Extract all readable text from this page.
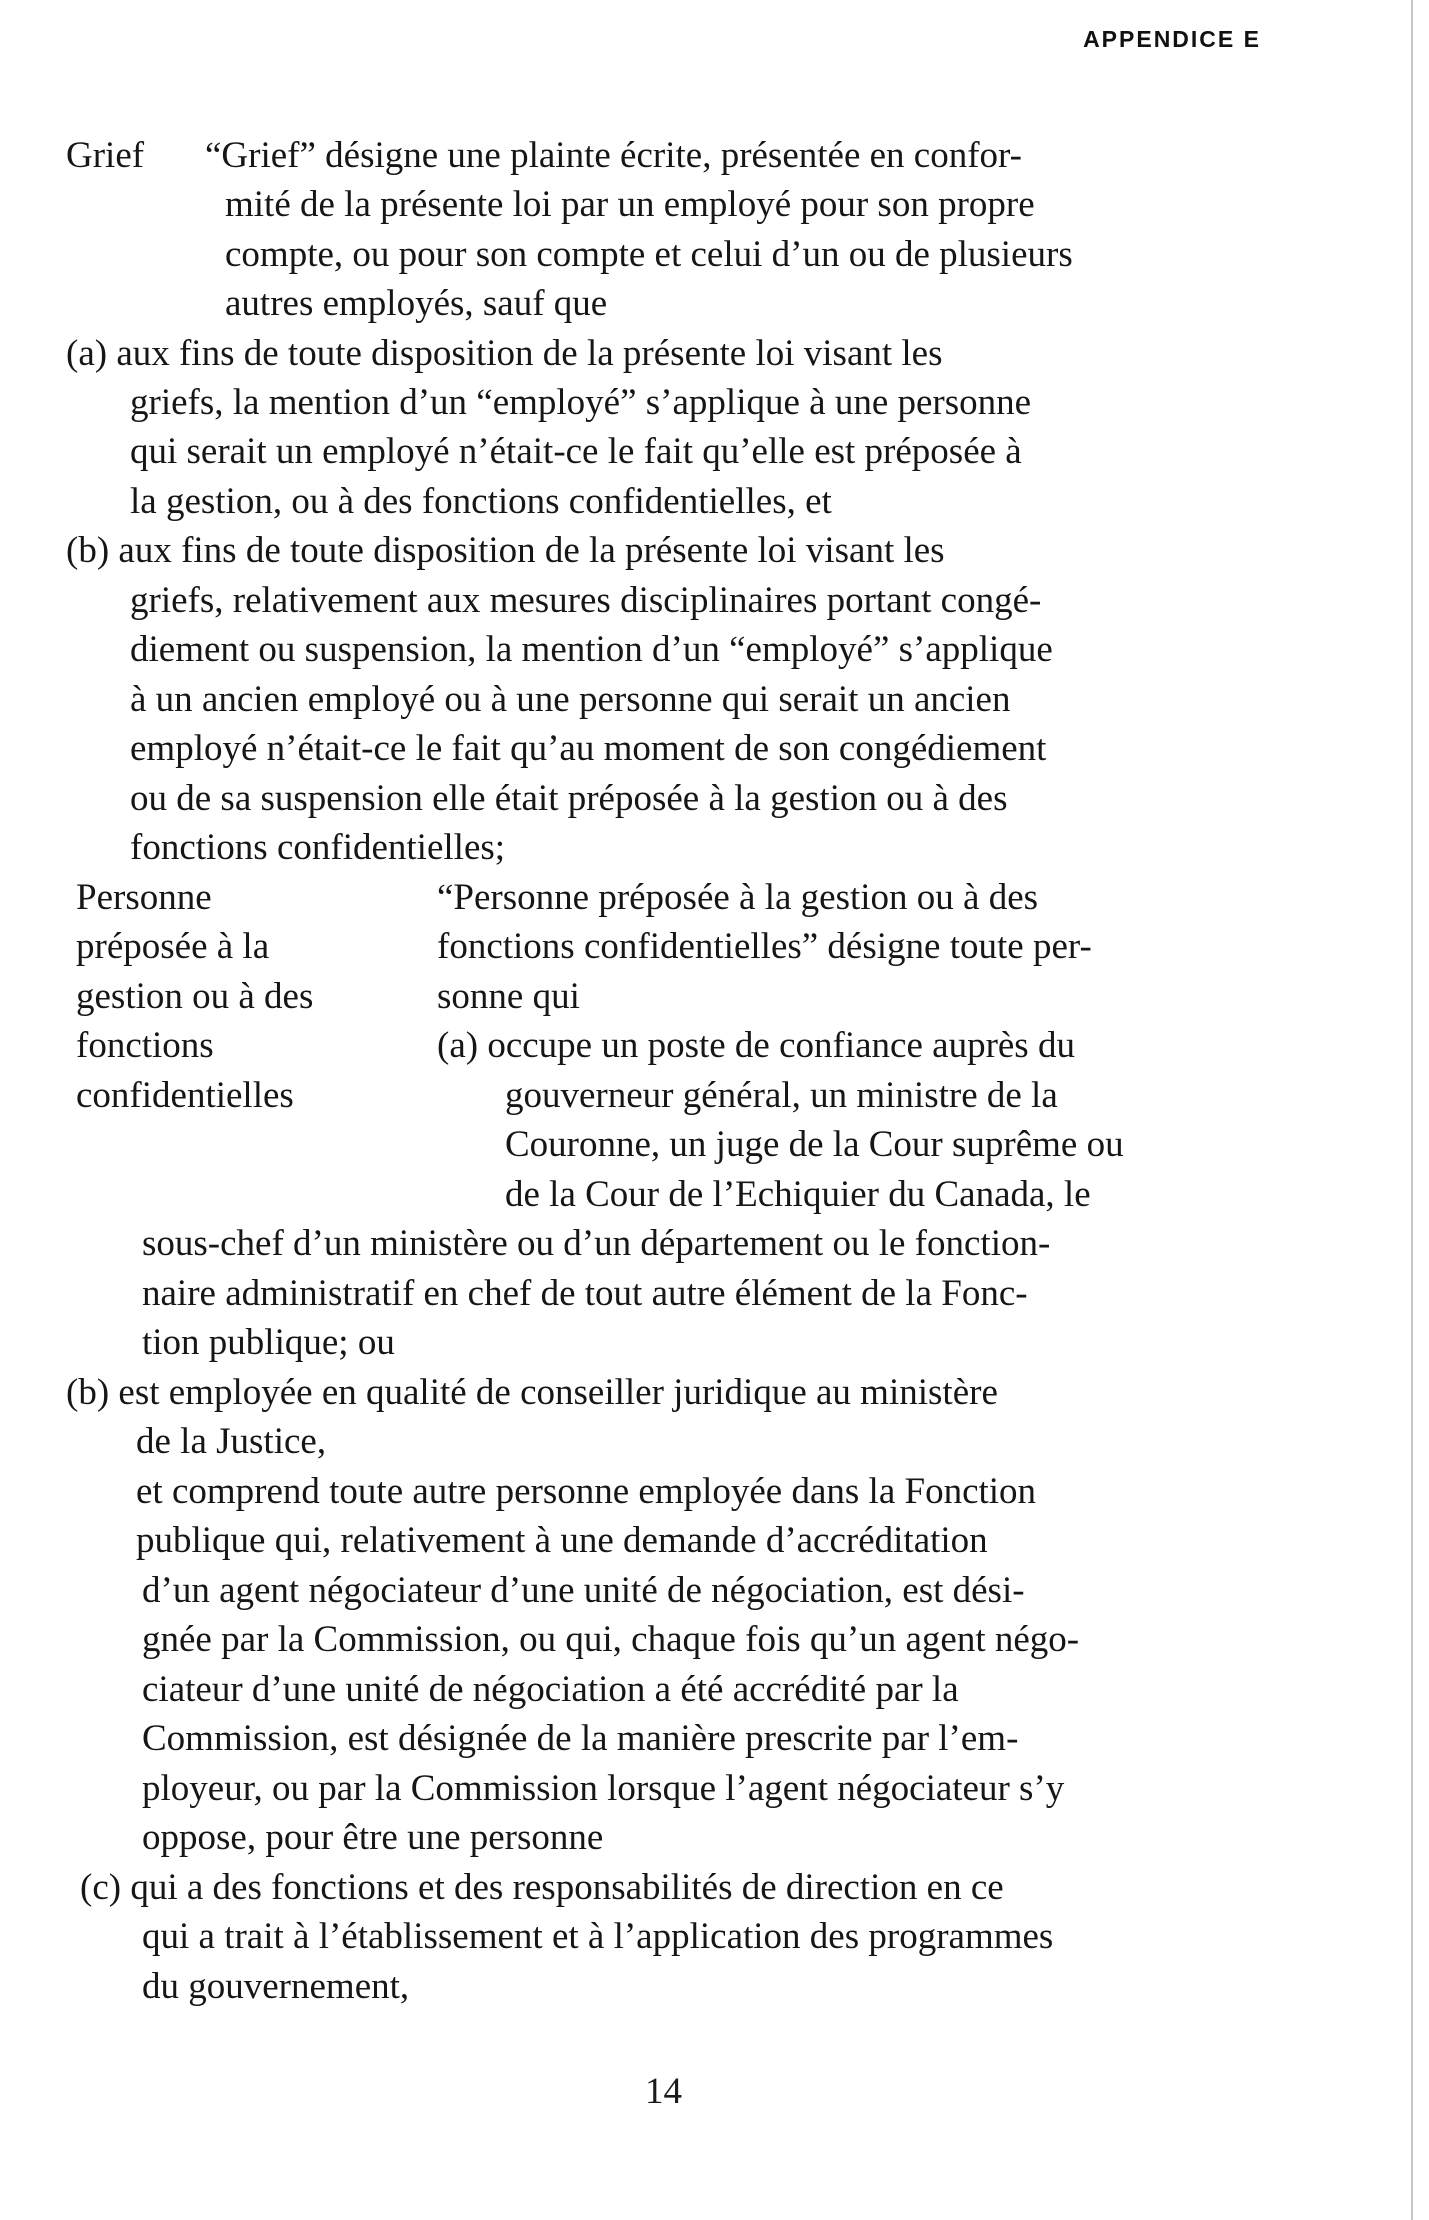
APPENDICE E
Grief “Grief” désigne une plainte écrite, présentée en confor-
mité de la présente loi par un employé pour son propre
compte, ou pour son compte et celui d’un ou de plusieurs
autres employés, sauf que
(a) aux fins de toute disposition de la présente loi visant les
griefs, la mention d’un “employé” s’applique à une personne
qui serait un employé n’était-ce le fait qu’elle est préposée à
la gestion, ou à des fonctions confidentielles, et
(b) aux fins de toute disposition de la présente loi visant les
griefs, relativement aux mesures disciplinaires portant congé-
diement ou suspension, la mention d’un “employé” s’applique
à un ancien employé ou à une personne qui serait un ancien
employé n’était-ce le fait qu’au moment de son congédiement
ou de sa suspension elle était préposée à la gestion ou à des
fonctions confidentielles;
Personne
préposée à la
gestion ou à des
fonctions
confidentielles
“Personne préposée à la gestion ou à des
fonctions confidentielles” désigne toute per-
sonne qui
(a) occupe un poste de confiance auprès du
gouverneur général, un ministre de la
Couronne, un juge de la Cour suprême ou
de la Cour de l’Echiquier du Canada, le
sous-chef d’un ministère ou d’un département ou le fonction-
naire administratif en chef de tout autre élément de la Fonc-
tion publique; ou
(b) est employée en qualité de conseiller juridique au ministère
de la Justice,
et comprend toute autre personne employée dans la Fonction
publique qui, relativement à une demande d’accréditation
d’un agent négociateur d’une unité de négociation, est dési-
gnée par la Commission, ou qui, chaque fois qu’un agent négo-
ciateur d’une unité de négociation a été accrédité par la
Commission, est désignée de la manière prescrite par l’em-
ployeur, ou par la Commission lorsque l’agent négociateur s’y
oppose, pour être une personne
(c) qui a des fonctions et des responsabilités de direction en ce
qui a trait à l’établissement et à l’application des programmes
du gouvernement,
14
